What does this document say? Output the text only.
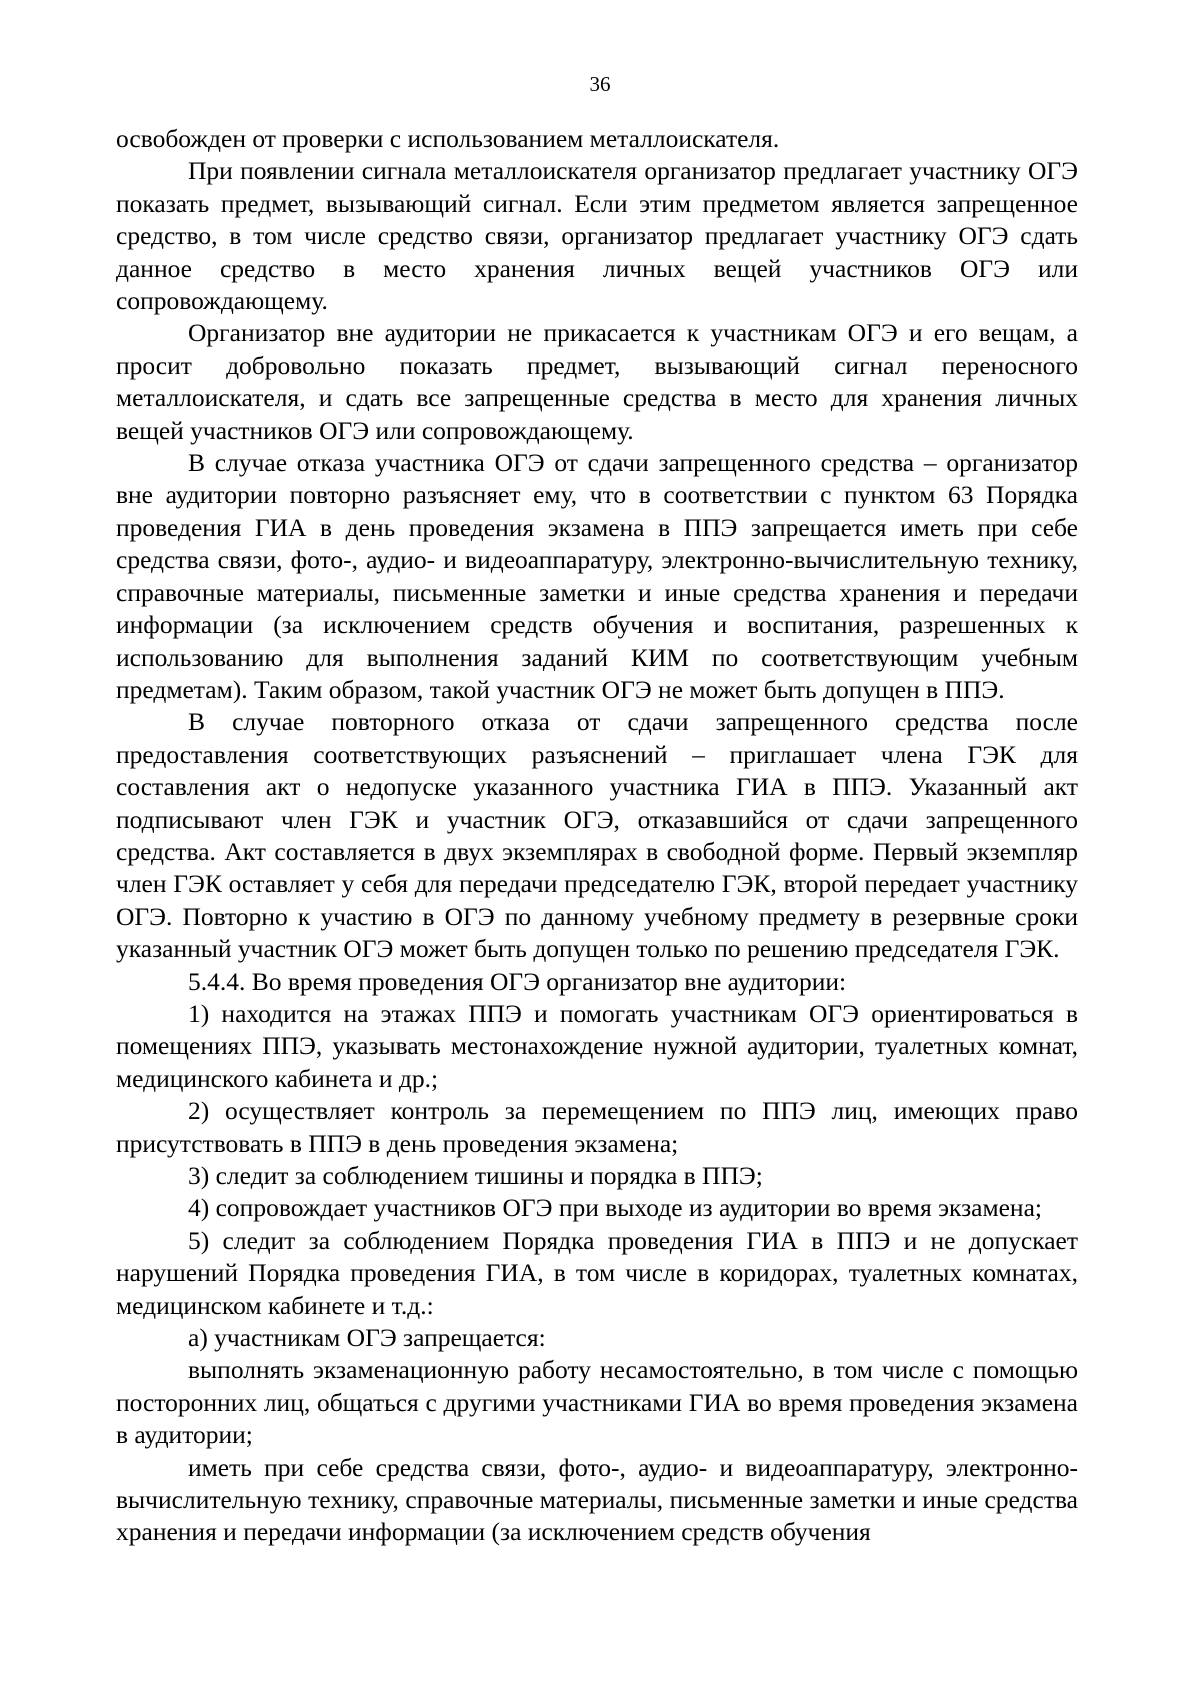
36

освобожден от проверки с использованием металлоискателя.

При появлении сигнала металлоискателя организатор предлагает участнику ОГЭ показать предмет, вызывающий сигнал. Если этим предметом является запрещенное средство, в том числе средство связи, организатор предлагает участнику ОГЭ сдать данное средство в место хранения личных вещей участников ОГЭ или сопровождающему.

Организатор вне аудитории не прикасается к участникам ОГЭ и его вещам, а просит добровольно показать предмет, вызывающий сигнал переносного металлоискателя, и сдать все запрещенные средства в место для хранения личных вещей участников ОГЭ или сопровождающему.

В случае отказа участника ОГЭ от сдачи запрещенного средства – организатор вне аудитории повторно разъясняет ему, что в соответствии с пунктом 63 Порядка проведения ГИА в день проведения экзамена в ППЭ запрещается иметь при себе средства связи, фото-, аудио- и видеоаппаратуру, электронно-вычислительную технику, справочные материалы, письменные заметки и иные средства хранения и передачи информации (за исключением средств обучения и воспитания, разрешенных к использованию для выполнения заданий КИМ по соответствующим учебным предметам). Таким образом, такой участник ОГЭ не может быть допущен в ППЭ.

В случае повторного отказа от сдачи запрещенного средства после предоставления соответствующих разъяснений – приглашает члена ГЭК для составления акт о недопуске указанного участника ГИА в ППЭ. Указанный акт подписывают член ГЭК и участник ОГЭ, отказавшийся от сдачи запрещенного средства. Акт составляется в двух экземплярах в свободной форме. Первый экземпляр член ГЭК оставляет у себя для передачи председателю ГЭК, второй передает участнику ОГЭ. Повторно к участию в ОГЭ по данному учебному предмету в резервные сроки указанный участник ОГЭ может быть допущен только по решению председателя ГЭК.

5.4.4. Во время проведения ОГЭ организатор вне аудитории:

1) находится на этажах ППЭ и помогать участникам ОГЭ ориентироваться в помещениях ППЭ, указывать местонахождение нужной аудитории, туалетных комнат, медицинского кабинета и др.;

2) осуществляет контроль за перемещением по ППЭ лиц, имеющих право присутствовать в ППЭ в день проведения экзамена;

3) следит за соблюдением тишины и порядка в ППЭ;

4) сопровождает участников ОГЭ при выходе из аудитории во время экзамена;

5) следит за соблюдением Порядка проведения ГИА в ППЭ и не допускает нарушений Порядка проведения ГИА, в том числе в коридорах, туалетных комнатах, медицинском кабинете и т.д.:

а) участникам ОГЭ запрещается:

выполнять экзаменационную работу несамостоятельно, в том числе с помощью посторонних лиц, общаться с другими участниками ГИА во время проведения экзамена в аудитории;

иметь при себе средства связи, фото-, аудио- и видеоаппаратуру, электронно-вычислительную технику, справочные материалы, письменные заметки и иные средства хранения и передачи информации (за исключением средств обучения
